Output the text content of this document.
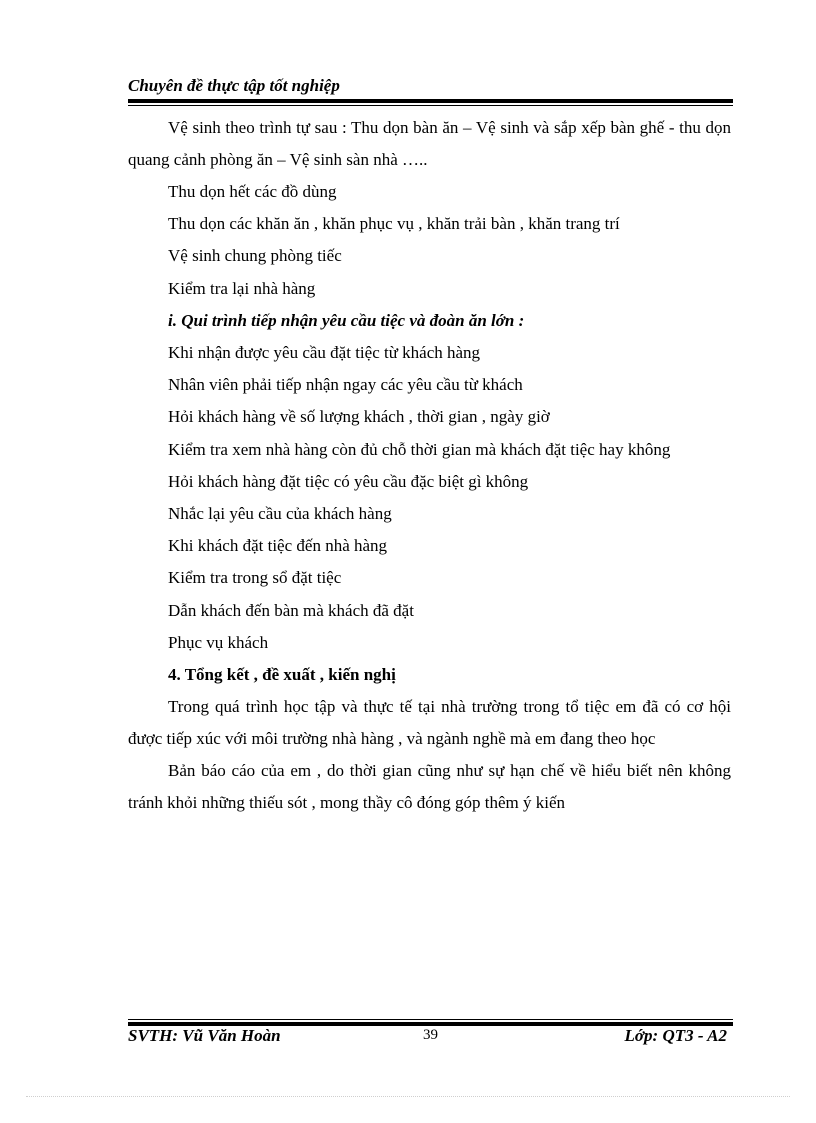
Chuyên đề thực tập tốt nghiệp

Vệ sinh theo trình tự sau : Thu dọn bàn ăn – Vệ sinh và sắp xếp bàn ghế - thu dọn quang cảnh phòng ăn – Vệ sinh sàn nhà …..

Thu dọn hết các đồ dùng

Thu dọn các khăn ăn , khăn phục vụ , khăn trải bàn , khăn trang trí

Vệ sinh chung phòng tiếc

Kiểm tra lại nhà hàng

i. Qui trình tiếp nhận yêu cầu tiệc và đoàn ăn lớn :

Khi nhận được yêu cầu đặt tiệc từ khách hàng

Nhân viên phải tiếp nhận ngay các yêu cầu từ khách

Hỏi khách hàng về số lượng khách , thời gian , ngày giờ

Kiểm tra xem nhà hàng còn đủ chỗ thời gian mà khách đặt tiệc hay không

Hỏi khách hàng đặt tiệc có yêu cầu đặc biệt gì không

Nhắc lại yêu cầu của khách hàng

Khi khách đặt tiệc đến nhà hàng

Kiểm tra trong sổ đặt tiệc

Dẫn khách đến bàn mà khách đã đặt

Phục vụ khách

4. Tổng kết , đề xuất , kiến nghị

Trong quá trình học tập và thực tế tại nhà trường trong tổ tiệc em đã có cơ hội được tiếp xúc với môi trường nhà hàng , và ngành nghề mà em đang theo học

Bản báo cáo của em , do thời gian cũng như sự hạn chế về hiểu biết nên không tránh khỏi những thiếu sót , mong thầy cô đóng góp thêm ý kiến

SVTH: Vũ Văn Hoàn	39	Lớp: QT3 - A2
